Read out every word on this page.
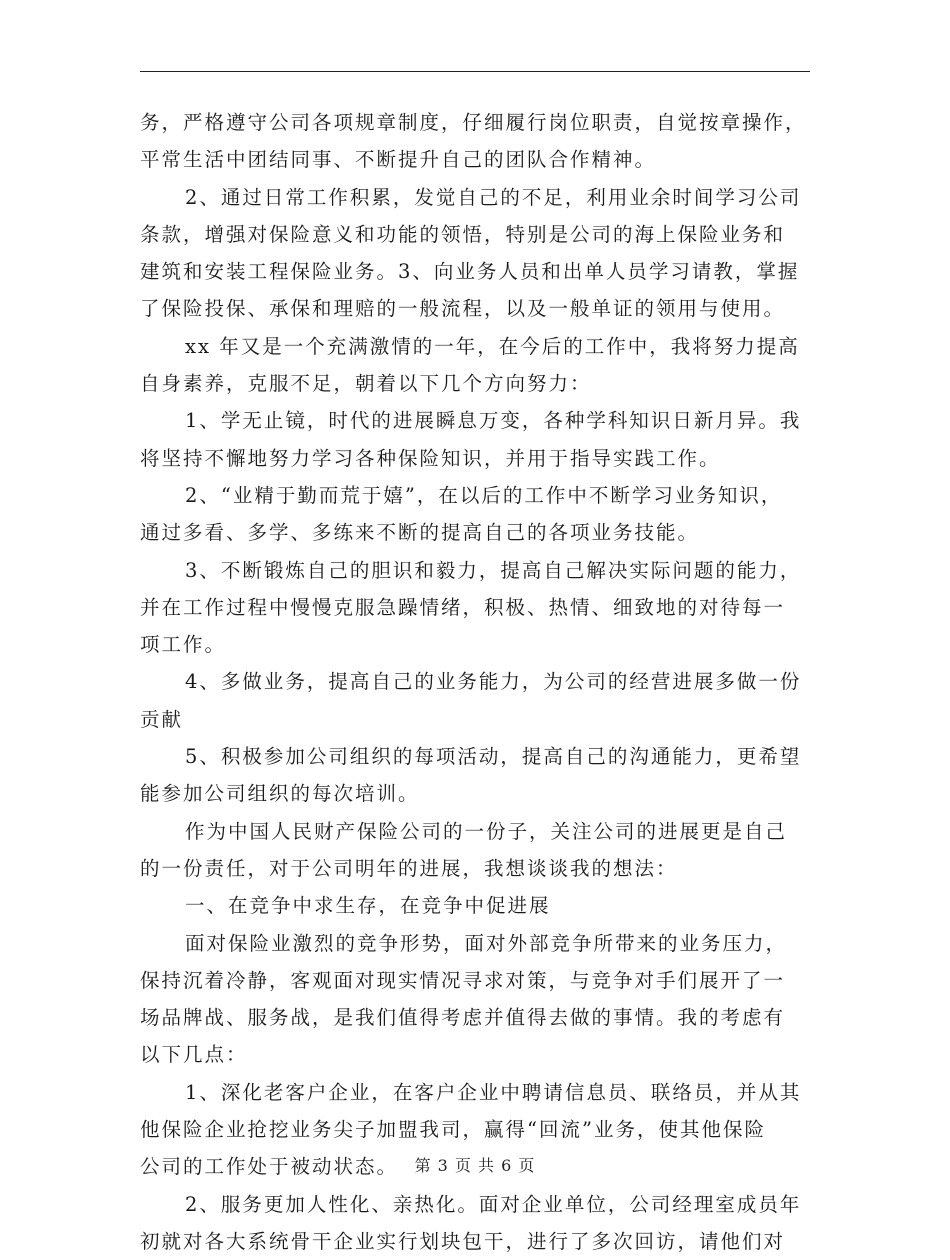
务，严格遵守公司各项规章制度，仔细履行岗位职责，自觉按章操作，
平常生活中团结同事、不断提升自己的团队合作精神。
2、通过日常工作积累，发觉自己的不足，利用业余时间学习公司
条款，增强对保险意义和功能的领悟，特别是公司的海上保险业务和
建筑和安装工程保险业务。3、向业务人员和出单人员学习请教，掌握
了保险投保、承保和理赔的一般流程，以及一般单证的领用与使用。
xx 年又是一个充满激情的一年，在今后的工作中，我将努力提高
自身素养，克服不足，朝着以下几个方向努力：
1、学无止镜，时代的进展瞬息万变，各种学科知识日新月异。我
将坚持不懈地努力学习各种保险知识，并用于指导实践工作。
2、“业精于勤而荒于嬉”，在以后的工作中不断学习业务知识，
通过多看、多学、多练来不断的提高自己的各项业务技能。
3、不断锻炼自己的胆识和毅力，提高自己解决实际问题的能力，
并在工作过程中慢慢克服急躁情绪，积极、热情、细致地的对待每一
项工作。
4、多做业务，提高自己的业务能力，为公司的经营进展多做一份
贡献
5、积极参加公司组织的每项活动，提高自己的沟通能力，更希望
能参加公司组织的每次培训。
作为中国人民财产保险公司的一份子，关注公司的进展更是自己
的一份责任，对于公司明年的进展，我想谈谈我的想法：
一、在竞争中求生存，在竞争中促进展
面对保险业激烈的竞争形势，面对外部竞争所带来的业务压力，
保持沉着冷静，客观面对现实情况寻求对策，与竞争对手们展开了一
场品牌战、服务战，是我们值得考虑并值得去做的事情。我的考虑有
以下几点：
1、深化老客户企业，在客户企业中聘请信息员、联络员，并从其
他保险企业抢挖业务尖子加盟我司，赢得“回流”业务，使其他保险
公司的工作处于被动状态。
2、服务更加人性化、亲热化。面对企业单位，公司经理室成员年
初就对各大系统骨干企业实行划块包干，进行了多次回访，请他们对
第 3 页 共 6 页
